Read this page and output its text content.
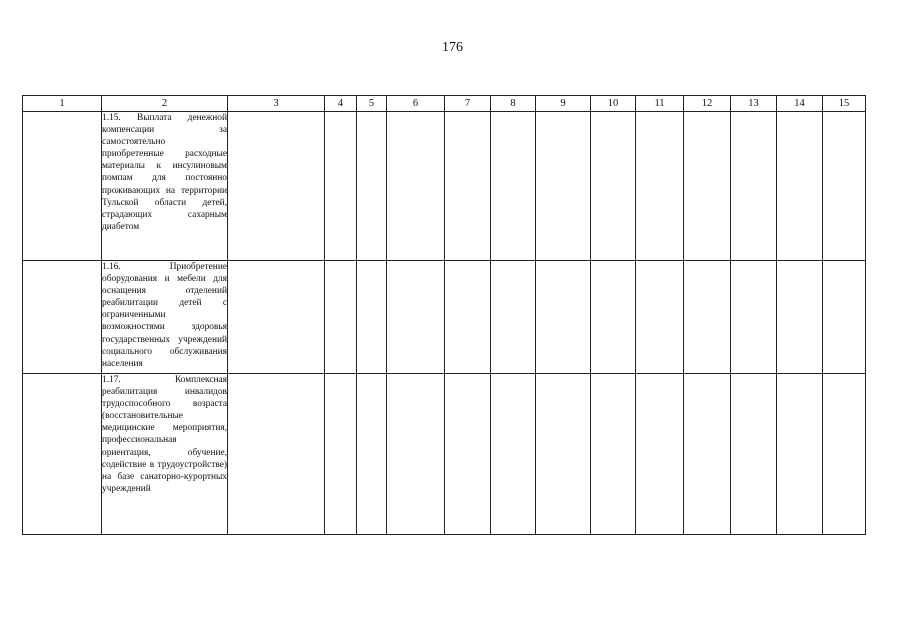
176
1	2	3	4	5	6	7	8	9	10	11	12	13	14	15
	1.15. Выплата денежной компенсации за самостоятельно приобретенные расходные материалы к инсулиновым помпам для постоянно проживающих на территории Тульской области детей, страдающих сахарным диабетом													
	1.16. Приобретение оборудования и мебели для оснащения отделений реабилитации детей с ограниченными возможностями здоровья государственных учреждений социального обслуживания населения													
	1.17. Комплексная реабилитация инвалидов трудоспособного возраста (восстановительные медицинские мероприятия, профессиональная ориентация, обучение, содействие в трудоустройстве) на базе санаторно-курортных учреждений													
